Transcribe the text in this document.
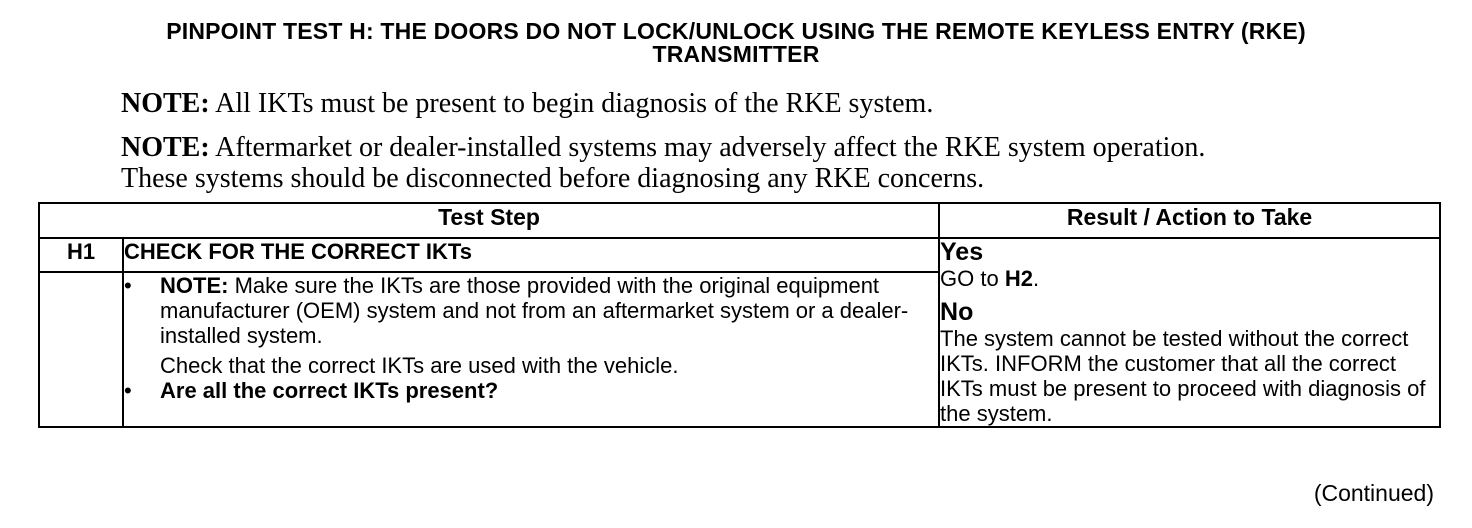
PINPOINT TEST H: THE DOORS DO NOT LOCK/UNLOCK USING THE REMOTE KEYLESS ENTRY (RKE)
TRANSMITTER
NOTE: All IKTs must be present to begin diagnosis of the RKE system.
NOTE: Aftermarket or dealer-installed systems may adversely affect the RKE system operation. These systems should be disconnected before diagnosing any RKE concerns.
Test Step		Result / Action to Take
H1	CHECK FOR THE CORRECT IKTs	Yes
GO to H2.
No
The system cannot be tested without the correct IKTs. INFORM the customer that all the correct IKTs must be present to proceed with diagnosis of the system.

	• NOTE: Make sure the IKTs are those provided with the original equipment manufacturer (OEM) system and not from an aftermarket system or a dealer-installed system.
Check that the correct IKTs are used with the vehicle.
• Are all the correct IKTs present?	
(Continued)
